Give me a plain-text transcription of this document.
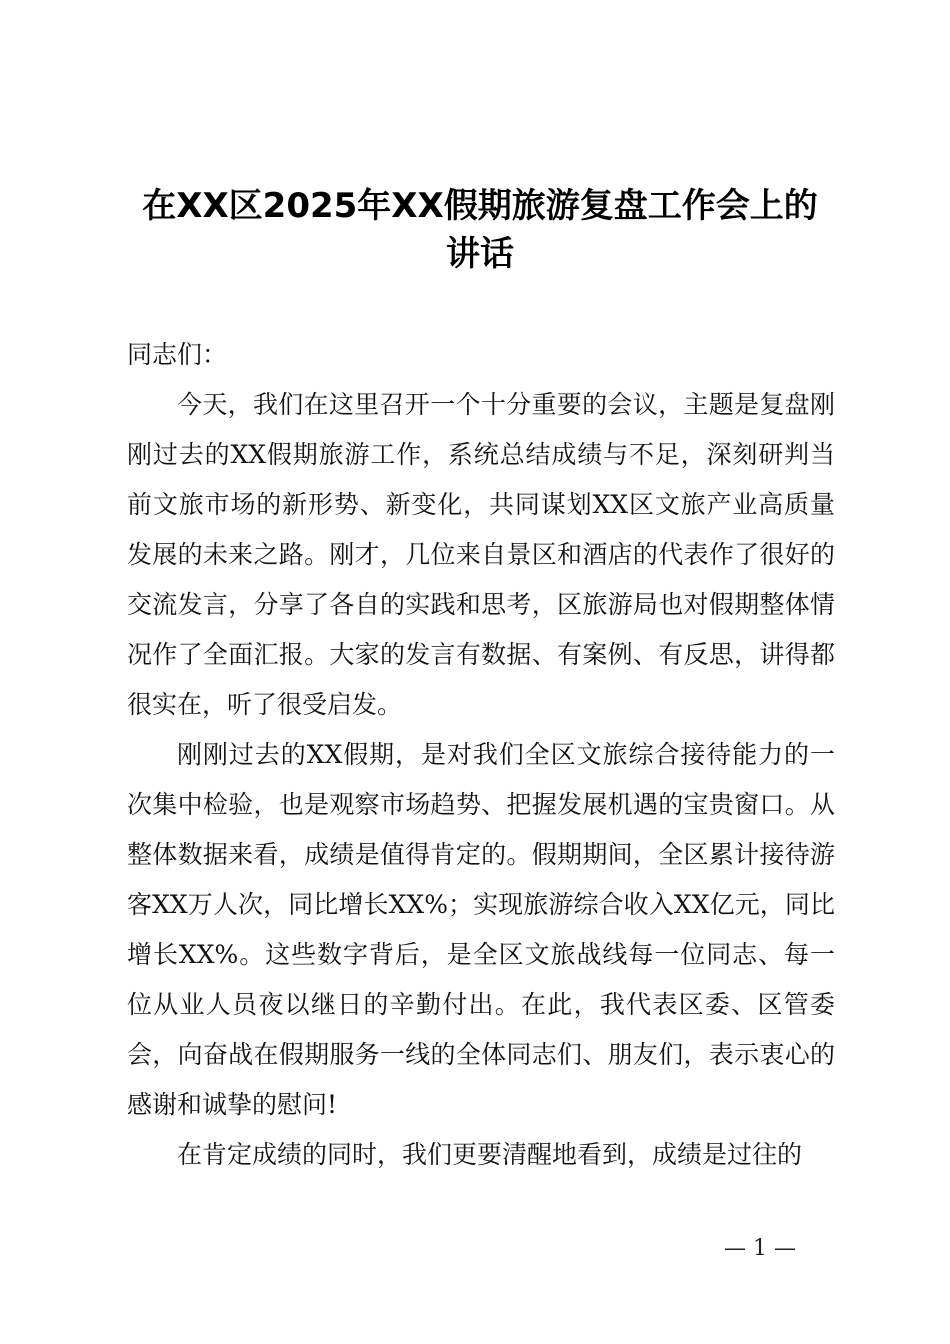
在XX区2025年XX假期旅游复盘工作会上的
讲话

同志们：

今天，我们在这里召开一个十分重要的会议，主题是复盘刚刚过去的XX假期旅游工作，系统总结成绩与不足，深刻研判当前文旅市场的新形势、新变化，共同谋划XX区文旅产业高质量发展的未来之路。刚才，几位来自景区和酒店的代表作了很好的交流发言，分享了各自的实践和思考，区旅游局也对假期整体情况作了全面汇报。大家的发言有数据、有案例、有反思，讲得都很实在，听了很受启发。

刚刚过去的XX假期，是对我们全区文旅综合接待能力的一次集中检验，也是观察市场趋势、把握发展机遇的宝贵窗口。从整体数据来看，成绩是值得肯定的。假期期间，全区累计接待游客XX万人次，同比增长XX%；实现旅游综合收入XX亿元，同比增长XX%。这些数字背后，是全区文旅战线每一位同志、每一位从业人员夜以继日的辛勤付出。在此，我代表区委、区管委会，向奋战在假期服务一线的全体同志们、朋友们，表示衷心的感谢和诚挚的慰问!

在肯定成绩的同时，我们更要清醒地看到，成绩是过往的

— 1 —
